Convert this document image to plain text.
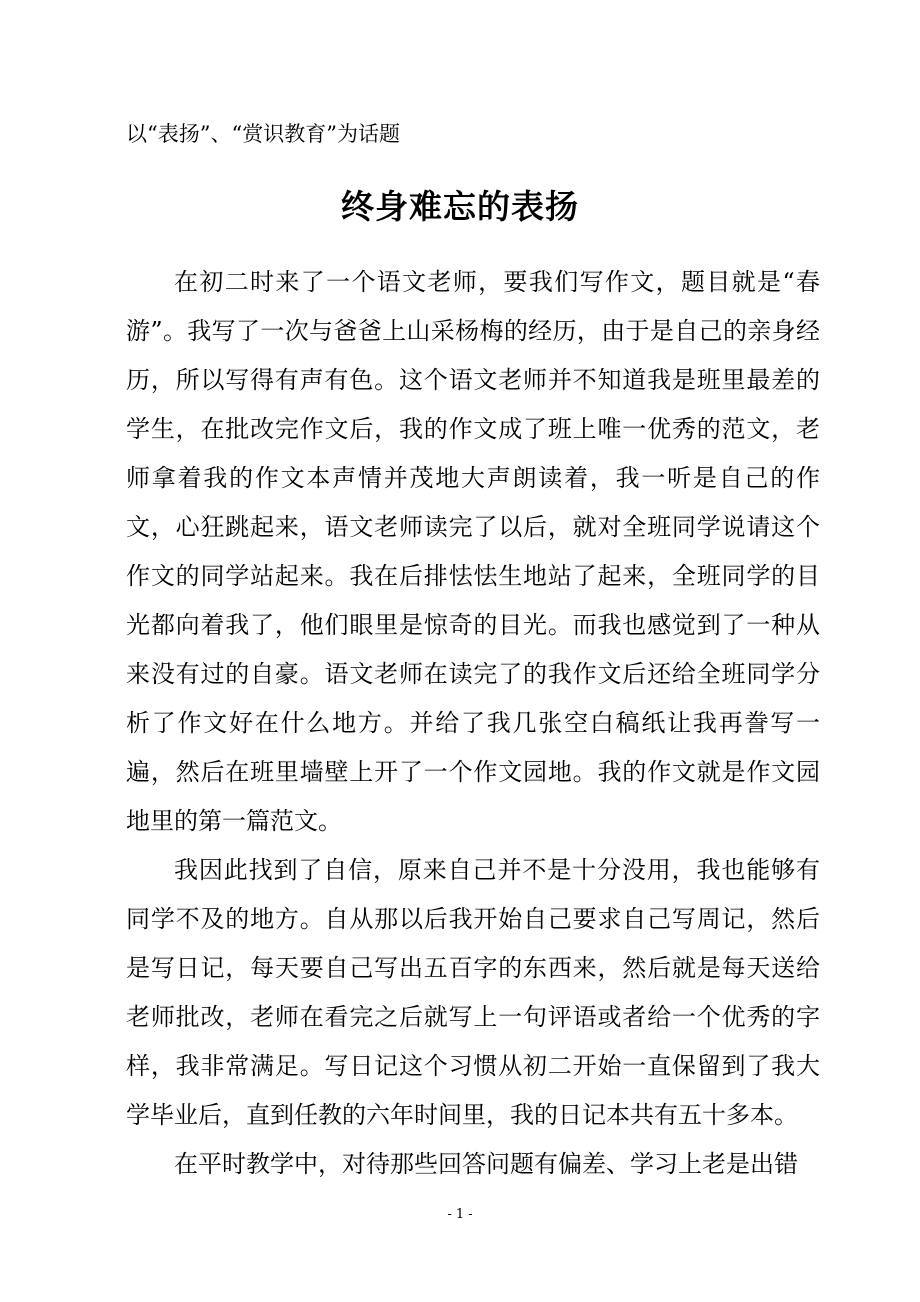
以“表扬”、“赏识教育”为话题
终身难忘的表扬

在初二时来了一个语文老师，要我们写作文，题目就是“春游”。我写了一次与爸爸上山采杨梅的经历，由于是自己的亲身经历，所以写得有声有色。这个语文老师并不知道我是班里最差的学生，在批改完作文后，我的作文成了班上唯一优秀的范文，老师拿着我的作文本声情并茂地大声朗读着，我一听是自己的作文，心狂跳起来，语文老师读完了以后，就对全班同学说请这个作文的同学站起来。我在后排怯怯生地站了起来，全班同学的目光都向着我了，他们眼里是惊奇的目光。而我也感觉到了一种从来没有过的自豪。语文老师在读完了的我作文后还给全班同学分析了作文好在什么地方。并给了我几张空白稿纸让我再誊写一遍，然后在班里墙壁上开了一个作文园地。我的作文就是作文园地里的第一篇范文。

我因此找到了自信，原来自己并不是十分没用，我也能够有同学不及的地方。自从那以后我开始自己要求自己写周记，然后是写日记，每天要自己写出五百字的东西来，然后就是每天送给老师批改，老师在看完之后就写上一句评语或者给一个优秀的字样，我非常满足。写日记这个习惯从初二开始一直保留到了我大学毕业后，直到任教的六年时间里，我的日记本共有五十多本。

在平时教学中，对待那些回答问题有偏差、学习上老是出错

- 1 -
